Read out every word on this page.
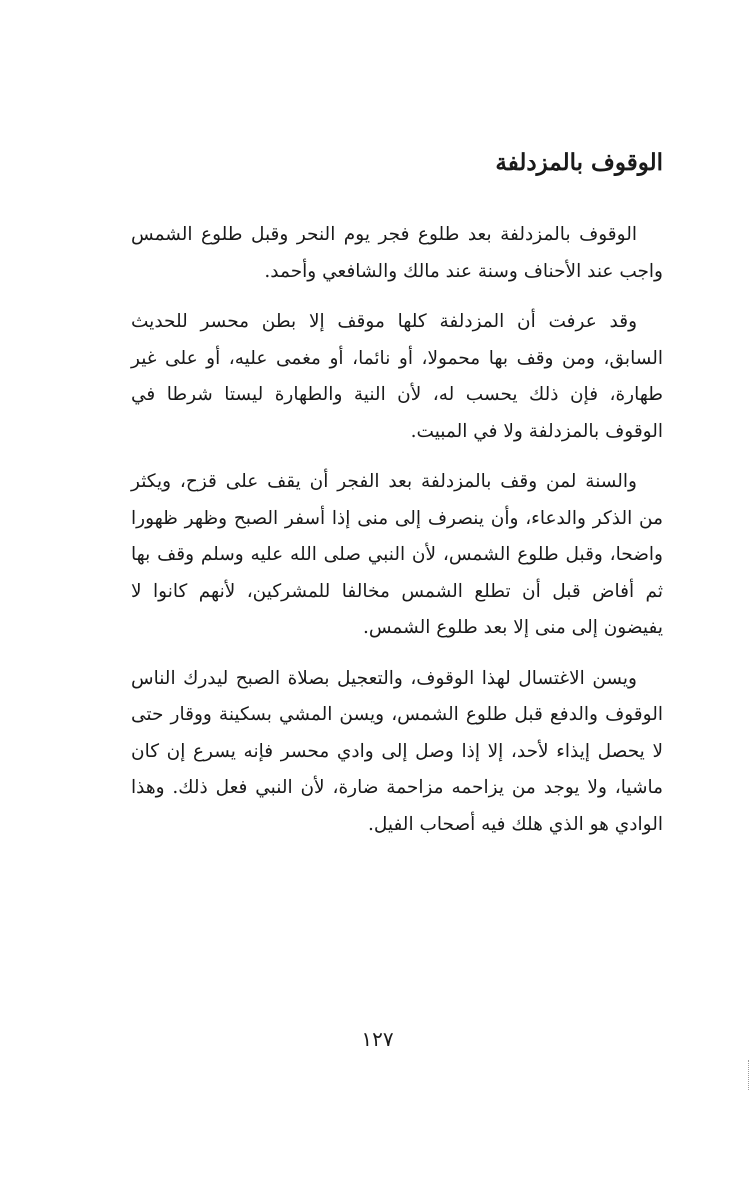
الوقوف بالمزدلفة

الوقوف بالمزدلفة بعد طلوع فجر يوم النحر وقبل طلوع الشمس واجب عند الأحناف وسنة عند مالك والشافعي وأحمد.

وقد عرفت أن المزدلفة كلها موقف إلا بطن محسر للحديث السابق، ومن وقف بها محمولا، أو نائما، أو مغمى عليه، أو على غير طهارة، فإن ذلك يحسب له، لأن النية والطهارة ليستا شرطا في الوقوف بالمزدلفة ولا في المبيت.

والسنة لمن وقف بالمزدلفة بعد الفجر أن يقف على قزح، ويكثر من الذكر والدعاء، وأن ينصرف إلى منى إذا أسفر الصبح وظهر ظهورا واضحا، وقبل طلوع الشمس، لأن النبي صلى الله عليه وسلم وقف بها ثم أفاض قبل أن تطلع الشمس مخالفا للمشركين، لأنهم كانوا لا يفيضون إلى منى إلا بعد طلوع الشمس.

ويسن الاغتسال لهذا الوقوف، والتعجيل بصلاة الصبح ليدرك الناس الوقوف والدفع قبل طلوع الشمس، ويسن المشي بسكينة ووقار حتى لا يحصل إيذاء لأحد، إلا إذا وصل إلى وادي محسر فإنه يسرع إن كان ماشيا، ولا يوجد من يزاحمه مزاحمة ضارة، لأن النبي فعل ذلك. وهذا الوادي هو الذي هلك فيه أصحاب الفيل.

١٢٧
